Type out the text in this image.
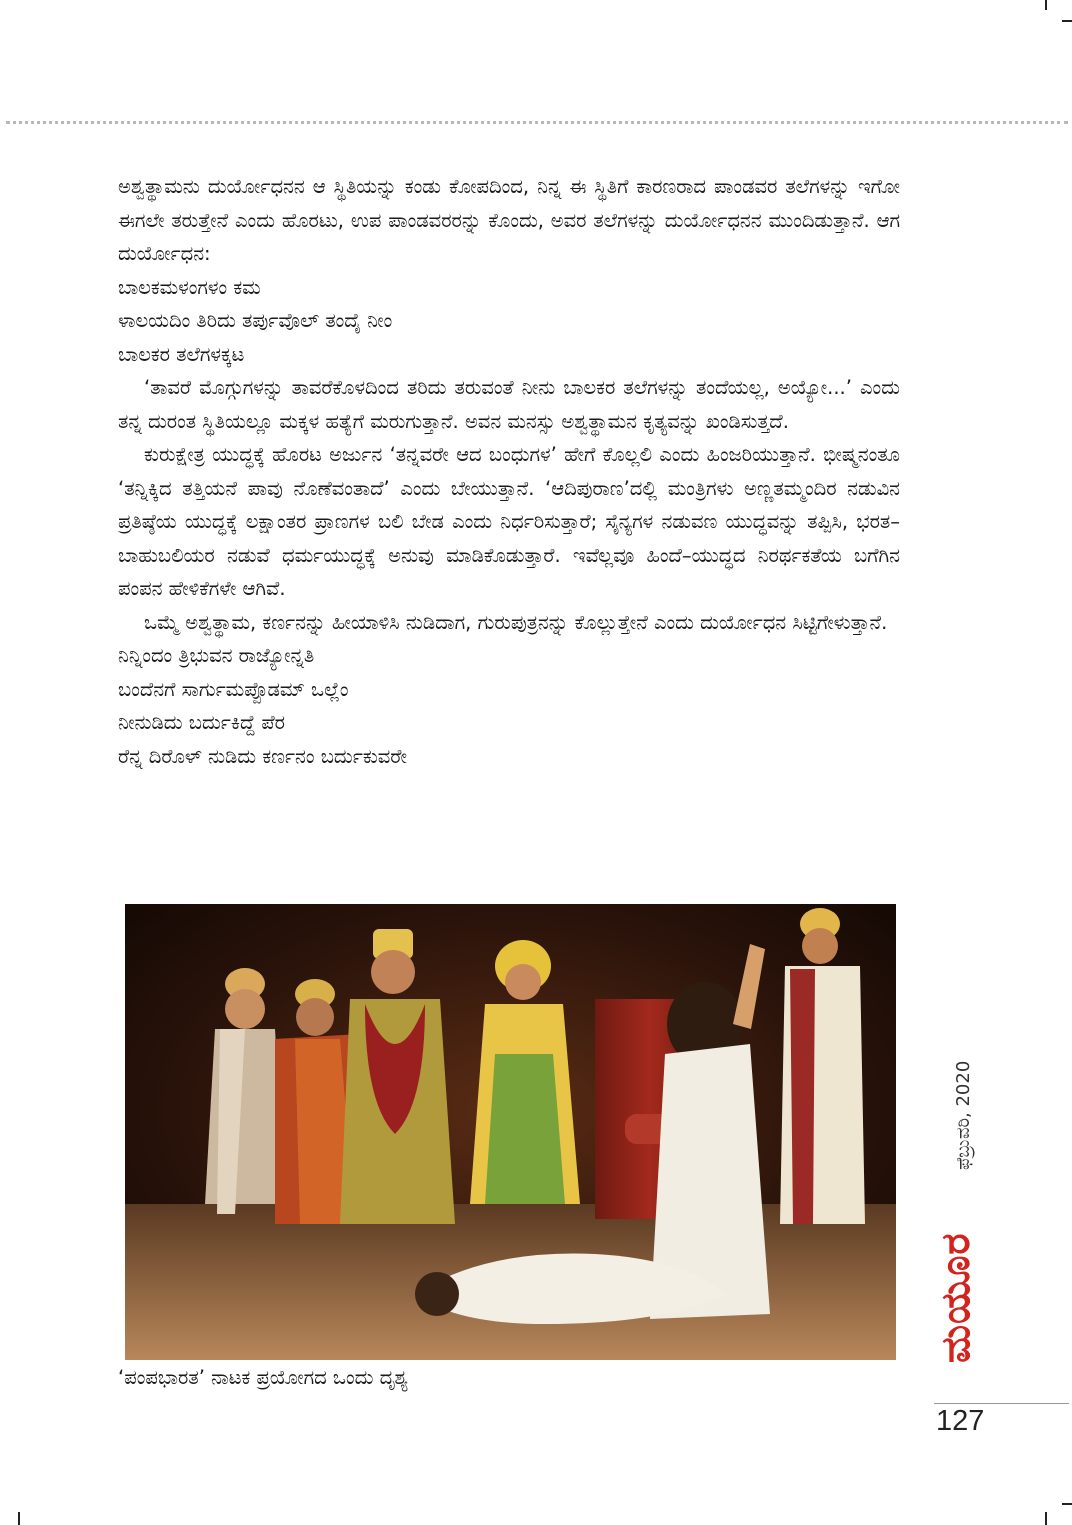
ಅಶ್ವತ್ಥಾಮನು ದುರ್ಯೋಧನನ ಆ ಸ್ಥಿತಿಯನ್ನು ಕಂಡು ಕೋಪದಿಂದ, ನಿನ್ನ ಈ ಸ್ಥಿತಿಗೆ ಕಾರಣರಾದ ಪಾಂಡವರ ತಲೆಗಳನ್ನು ಇಗೋ ಈಗಲೇ ತರುತ್ತೇನೆ ಎಂದು ಹೊರಟು, ಉಪ ಪಾಂಡವರರನ್ನು ಕೊಂದು, ಅವರ ತಲೆಗಳನ್ನು ದುರ್ಯೋಧನನ ಮುಂದಿಡುತ್ತಾನೆ. ಆಗ ದುರ್ಯೋಧನ:

ಬಾಲಕಮಳಂಗಳಂ ಕಮ

ಳಾಲಯದಿಂ ತಿರಿದು ತರ್ಪುವೊಲ್ ತಂದೈ ನೀಂ

ಬಾಲಕರ ತಲೆಗಳಕ್ಕಟ

‘ತಾವರೆ ಮೊಗ್ಗುಗಳನ್ನು ತಾವರೆಕೊಳದಿಂದ ತರಿದು ತರುವಂತೆ ನೀನು ಬಾಲಕರ ತಲೆಗಳನ್ನು ತಂದೆಯಲ್ಲ, ಅಯ್ಯೋ...’ ಎಂದು ತನ್ನ ದುರಂತ ಸ್ಥಿತಿಯಲ್ಲೂ ಮಕ್ಕಳ ಹತ್ಯೆಗೆ ಮರುಗುತ್ತಾನೆ. ಅವನ ಮನಸ್ಸು ಅಶ್ವತ್ಥಾಮನ ಕೃತ್ಯವನ್ನು ಖಂಡಿಸುತ್ತದೆ.

ಕುರುಕ್ಷೇತ್ರ ಯುದ್ಧಕ್ಕೆ ಹೊರಟ ಅರ್ಜುನ ‘ತನ್ನವರೇ ಆದ ಬಂಧುಗಳ’ ಹೇಗೆ ಕೊಲ್ಲಲಿ ಎಂದು ಹಿಂಜರಿಯುತ್ತಾನೆ. ಭೀಷ್ಮನಂತೂ ‘ತನ್ನಿಕ್ಕಿದ ತತ್ತಿಯನೆ ಪಾವು ನೊಣೆವಂತಾದೆ’ ಎಂದು ಬೇಯುತ್ತಾನೆ. ‘ಆದಿಪುರಾಣ’ದಲ್ಲಿ ಮಂತ್ರಿಗಳು ಅಣ್ಣತಮ್ಮಂದಿರ ನಡುವಿನ ಪ್ರತಿಷ್ಠೆಯ ಯುದ್ಧಕ್ಕೆ ಲಕ್ಷಾಂತರ ಪ್ರಾಣಗಳ ಬಲಿ ಬೇಡ ಎಂದು ನಿರ್ಧರಿಸುತ್ತಾರೆ; ಸೈನ್ಯಗಳ ನಡುವಣ ಯುದ್ಧವನ್ನು ತಪ್ಪಿಸಿ, ಭರತ–ಬಾಹುಬಲಿಯರ ನಡುವೆ ಧರ್ಮಯುದ್ಧಕ್ಕೆ ಅನುವು ಮಾಡಿಕೊಡುತ್ತಾರೆ. ಇವೆಲ್ಲವೂ ಹಿಂದೆ–ಯುದ್ಧದ ನಿರರ್ಥಕತೆಯ ಬಗೆಗಿನ ಪಂಪನ ಹೇಳಿಕೆಗಳೇ ಆಗಿವೆ.

ಒಮ್ಮೆ ಅಶ್ವತ್ಥಾಮ, ಕರ್ಣನನ್ನು ಹೀಯಾಳಿಸಿ ನುಡಿದಾಗ, ಗುರುಪುತ್ರನನ್ನು ಕೊಲ್ಲುತ್ತೇನೆ ಎಂದು ದುರ್ಯೋಧನ ಸಿಟ್ಟಿಗೇಳುತ್ತಾನೆ.

ನಿನ್ನಿಂದಂ ತ್ರಿಭುವನ ರಾಜ್ಯೋನ್ನತಿ

ಬಂದೆನಗೆ ಸಾರ್ಗುಮಪ್ಪೊಡಮ್ ಒಲ್ಲೆಂ

ನೀನುಡಿದು ಬರ್ದುಕಿದ್ದೆ ಪೆರ

ರೆನ್ನ ದಿರೊಳ್ ನುಡಿದು ಕರ್ಣನಂ ಬರ್ದುಕುವರೇ

‘ಪಂಪಭಾರತ’ ನಾಟಕ ಪ್ರಯೋಗದ ಒಂದು ದೃಶ್ಯ
ಫೆಬ್ರುವರಿ, 2020
ಮಯೂರ
127
